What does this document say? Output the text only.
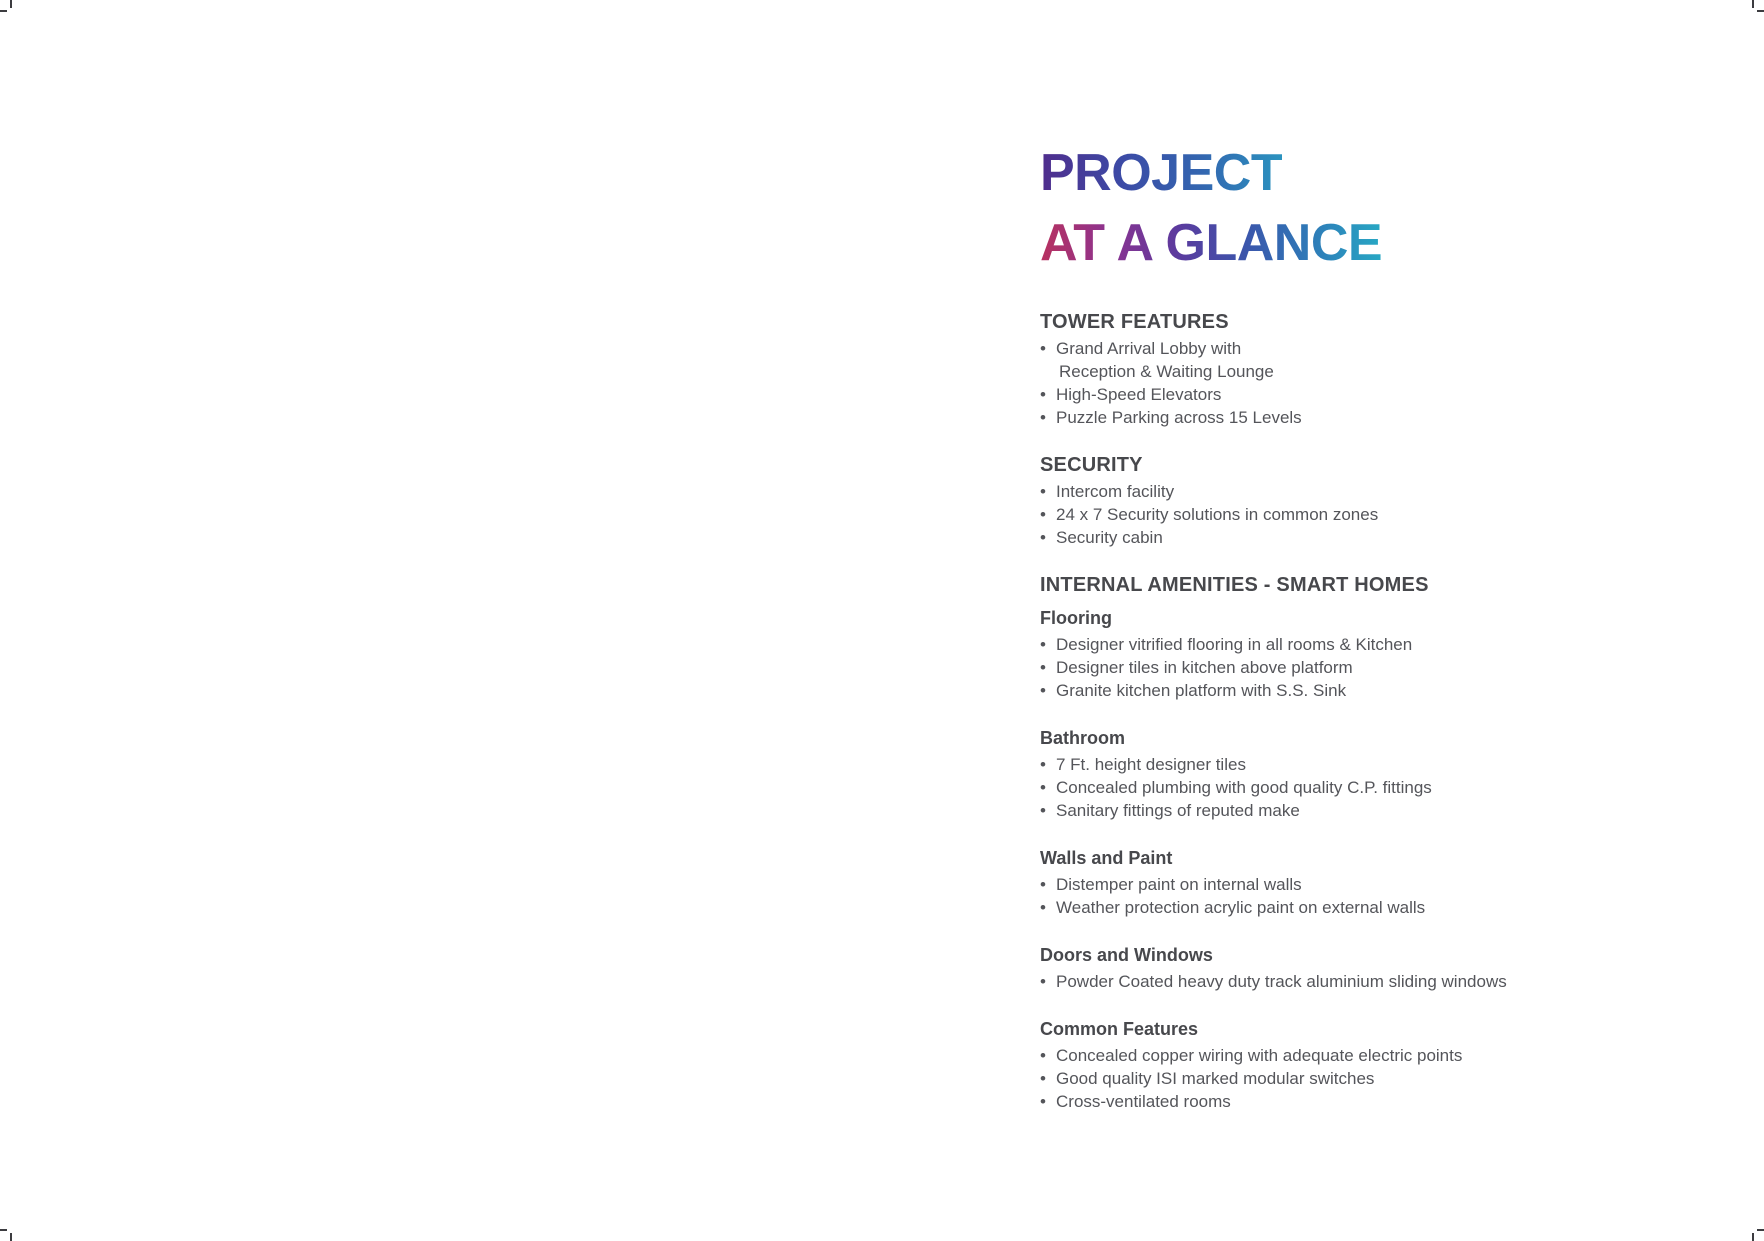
PROJECT
AT A GLANCE
TOWER FEATURES
• Grand Arrival Lobby with
Reception & Waiting Lounge
• High-Speed Elevators
• Puzzle Parking across 15 Levels
SECURITY
• Intercom facility
• 24 x 7 Security solutions in common zones
• Security cabin
INTERNAL AMENITIES - SMART HOMES
Flooring
• Designer vitrified flooring in all rooms & Kitchen
• Designer tiles in kitchen above platform
• Granite kitchen platform with S.S. Sink
Bathroom
• 7 Ft. height designer tiles
• Concealed plumbing with good quality C.P. fittings
• Sanitary fittings of reputed make
Walls and Paint
• Distemper paint on internal walls
• Weather protection acrylic paint on external walls
Doors and Windows
• Powder Coated heavy duty track aluminium sliding windows
Common Features
• Concealed copper wiring with adequate electric points
• Good quality ISI marked modular switches
• Cross-ventilated rooms
